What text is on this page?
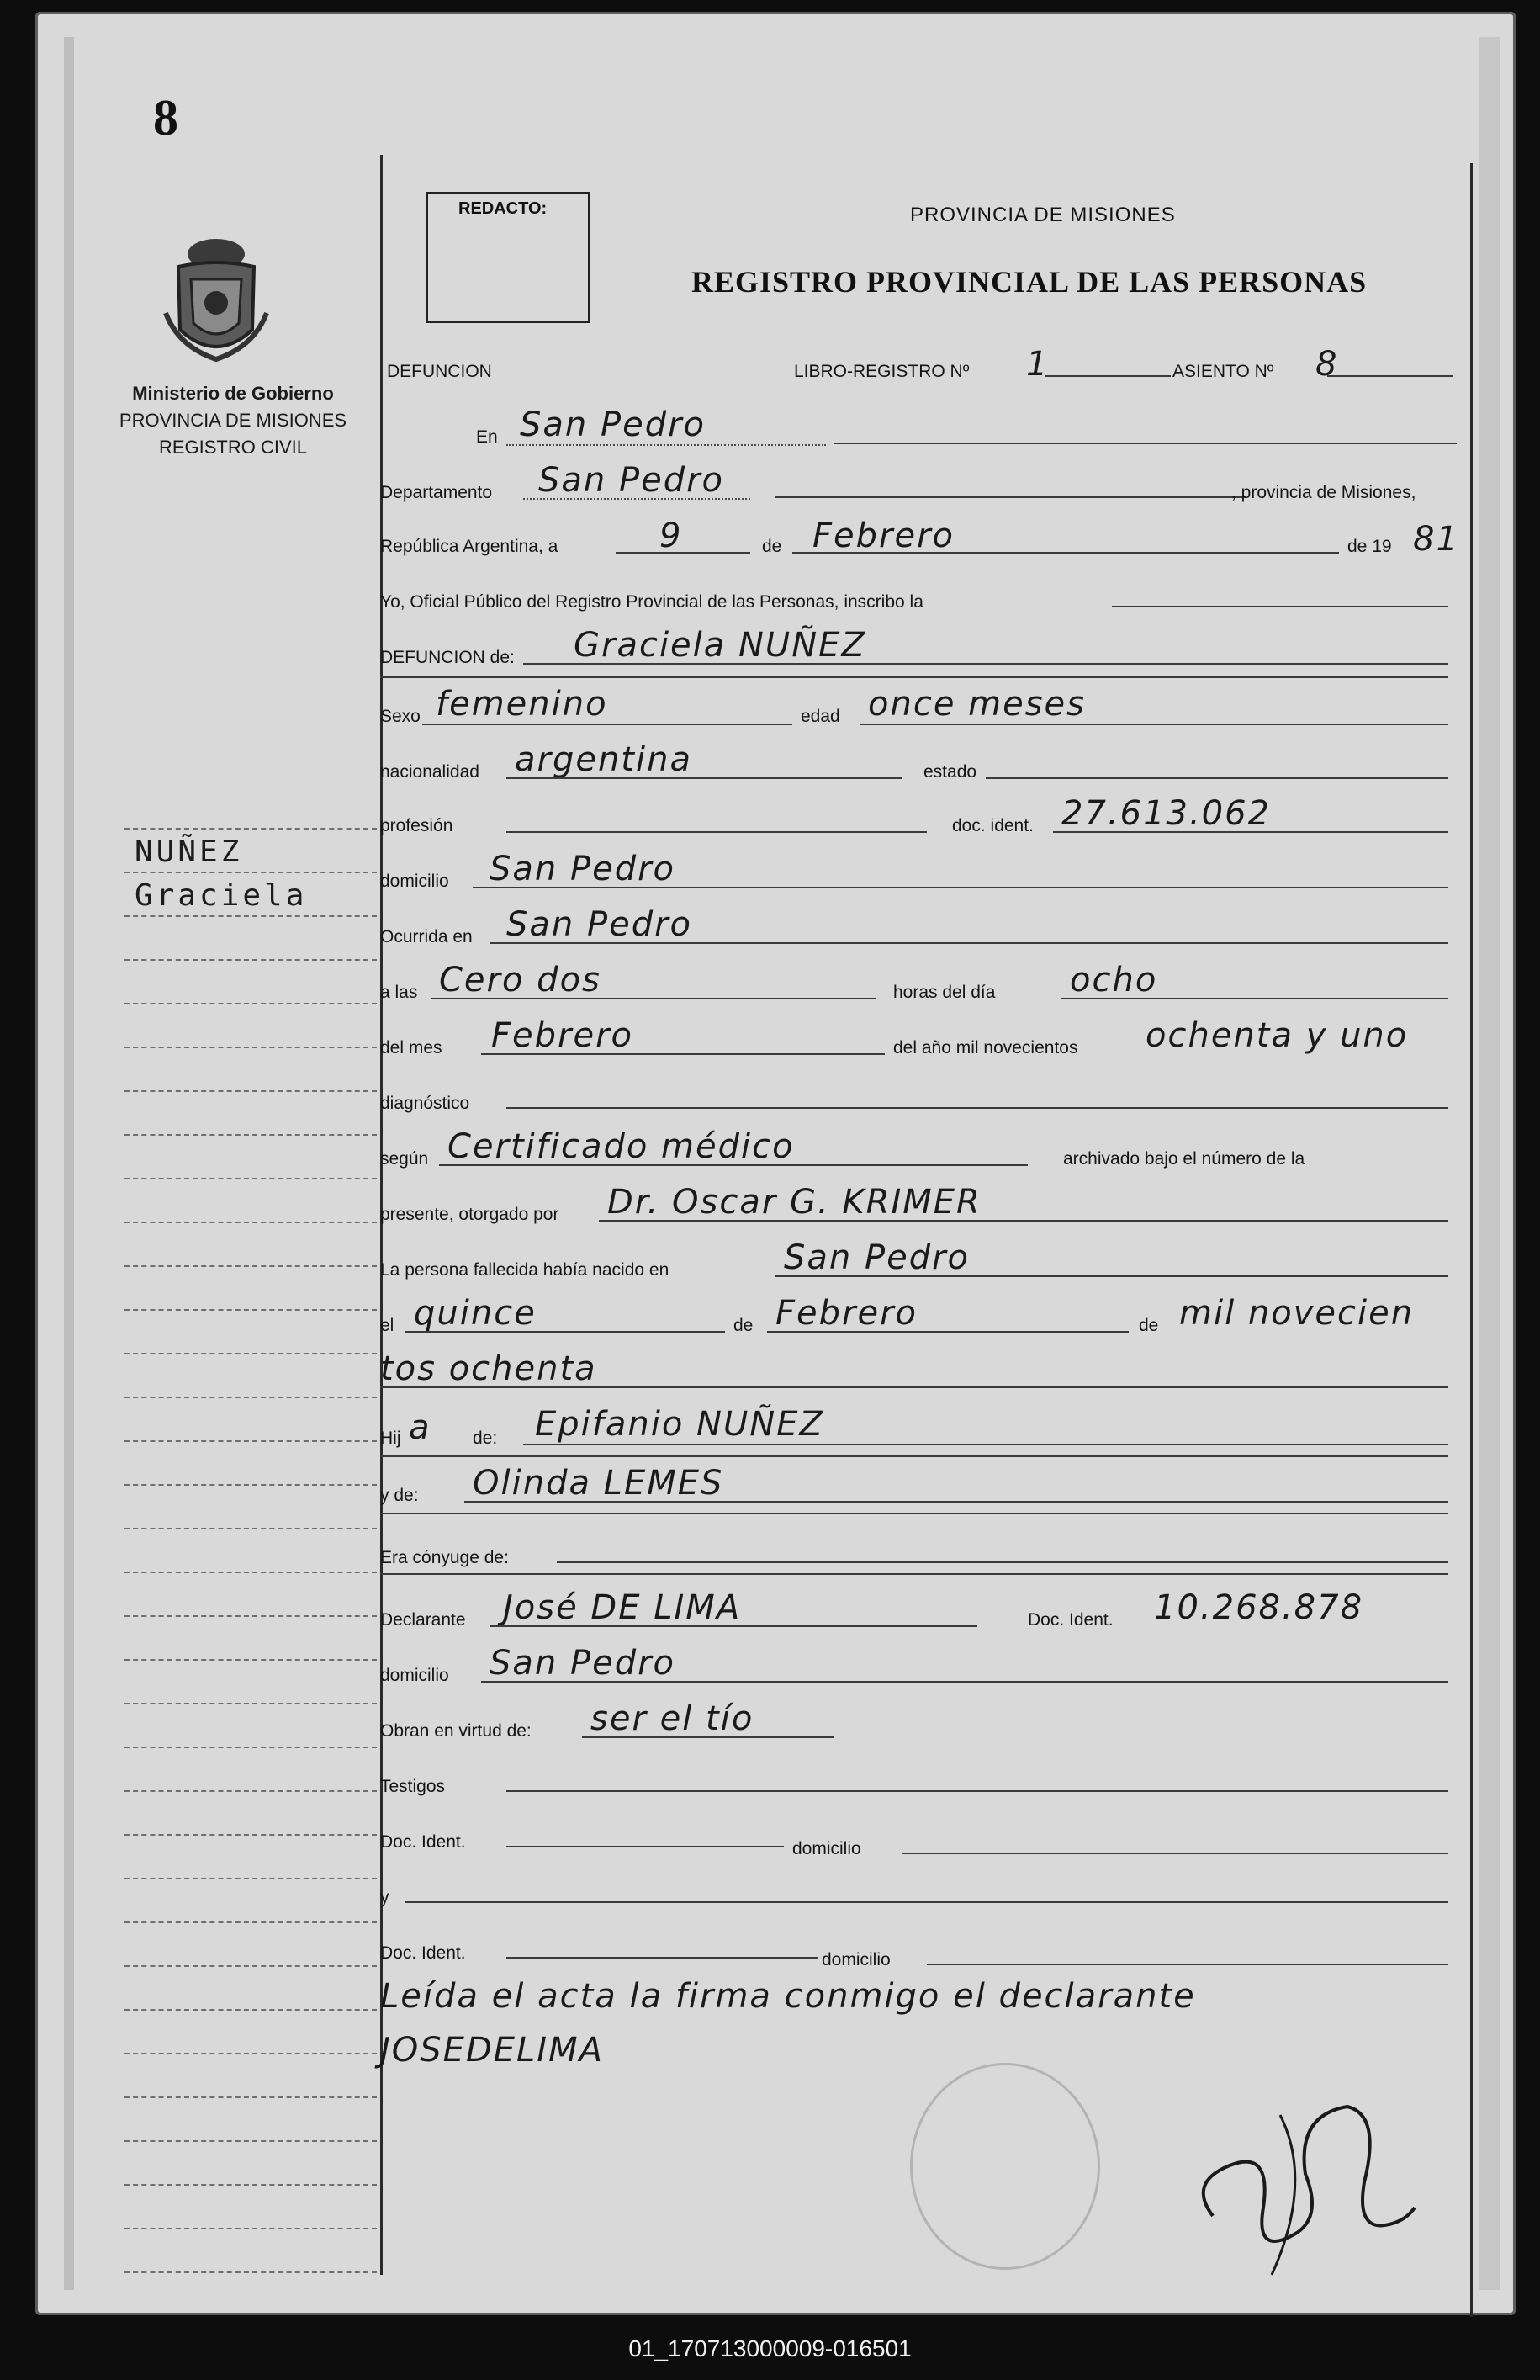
8
Ministerio de Gobierno
PROVINCIA DE MISIONES
REGISTRO CIVIL
NUÑEZ
Graciela
REDACTO:	PROVINCIA DE MISIONES
REGISTRO PROVINCIAL DE LAS PERSONAS
DEFUNCION	LIBRO-REGISTRO Nº 1	ASIENTO Nº 8
En San Pedro
Departamento San Pedro	, provincia de Misiones,
República Argentina, a	9	de Febrero	de 19 81
Yo, Oficial Público del Registro Provincial de las Personas, inscribo la
DEFUNCION de: Graciela NUÑEZ
Sexo femenino	edad once meses
nacionalidad argentina	estado
profesión	doc. ident. 27.613.062
domicilio San Pedro
Ocurrida en San Pedro
a las Cero dos	horas del día ocho
del mes Febrero	del año mil novecientos ochenta y uno
diagnóstico
según Certificado médico	archivado bajo el número de la
presente, otorgado por Dr. Oscar G. KRIMER
La persona fallecida había nacido en	San Pedro
el quince	de Febrero	de mil novecien
tos ochenta
Hij a de: Epifanio NUÑEZ
y de: Olinda LEMES
Era cónyuge de:
Declarante José DE LIMA	Doc. Ident. 10.268.878
domicilio San Pedro
Obran en virtud de: ser el tío
Testigos
Doc. Ident.	domicilio
y
Doc. Ident.	domicilio
Leída el acta la firma conmigo el declarante
JOSEDELIMA
01_170713000009-016501
